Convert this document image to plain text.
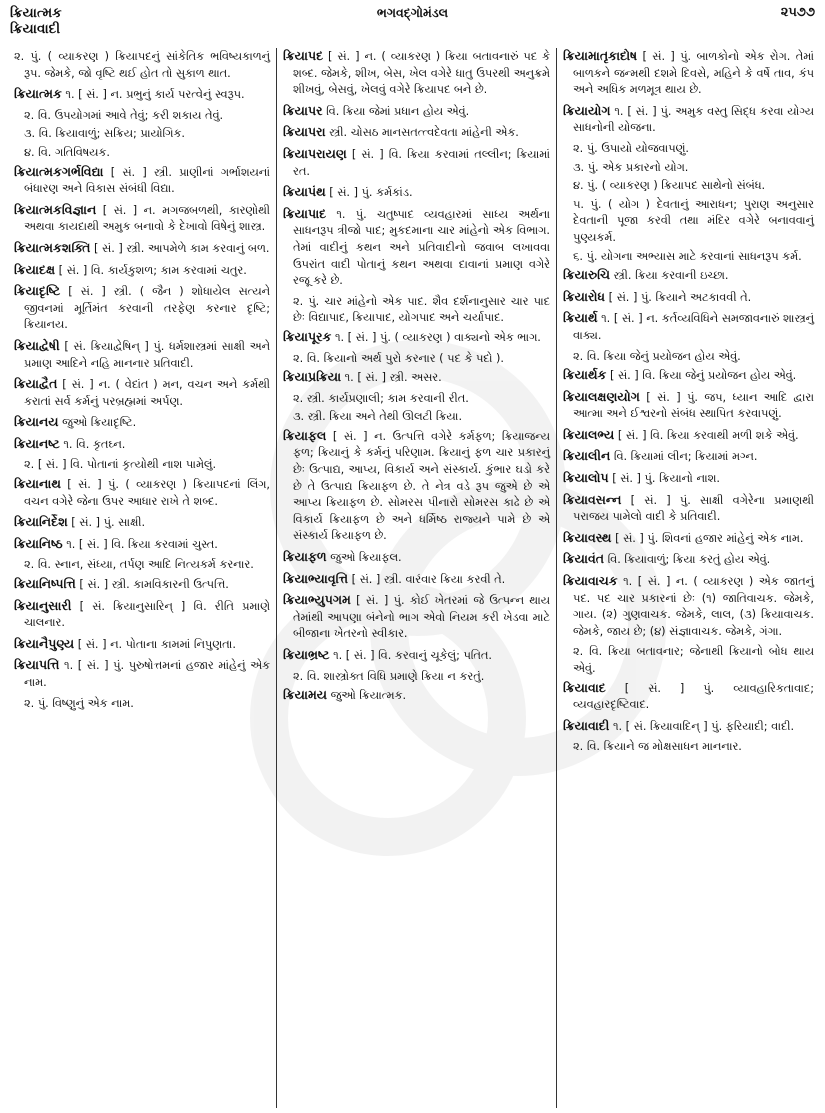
ક્રિયાત્મક
ક્રિયાવાદી
ભગવદ્ગોમંડલ	૨૫૭૭

૨. પું. ( વ્યાકરણ ) ક્રિયાપદનું સાંકેતિક ભવિષ્યકાળનું રૂપ. જેમકે, જો વૃષ્ટિ થઈ હોત તો સુકાળ થાત.

ક્રિયાત્મક ૧. [ સં. ] ન. પ્રભુનું કાર્ય પરત્વેનું સ્વરૂપ.

૨. વિ. ઉપયોગમાં આવે તેવું; કરી શકાય તેવું.

૩. વિ. ક્રિયાવાળું; સક્રિય; પ્રાયોગિક.

૪. વિ. ગતિવિષયક.

ક્રિયાત્મકગર્ભવિદ્યા [ સં. ] સ્ત્રી. પ્રાણીનાં ગર્ભાશયનાં બંધારણ અને વિકાસ સંબંધી વિદ્યા.

ક્રિયાત્મકવિજ્ઞાન [ સં. ] ન. મગજબળથી, કારણોથી અથવા કાયદાથી અમુક બનાવો કે દેખાવો વિષેનું શાસ્ત્ર.

ક્રિયાત્મકશક્તિ [ સં. ] સ્ત્રી. આપમેળે કામ કરવાનું બળ.

ક્રિયાદક્ષ [ સં. ] વિ. કાર્યકુશળ; કામ કરવામાં ચતુર.

ક્રિયાદૃષ્ટિ [ સં. ] સ્ત્રી. ( જૈન ) શોધાયેલ સત્યને જીવનમાં મૂર્તિમંત કરવાની તરફેણ કરનાર દૃષ્ટિ; ક્રિયાનય.

ક્રિયાદ્વેષી [ સં. ક્રિયાદ્વેષિન્ ] પું. ધર્મશાસ્ત્રમાં સાક્ષી અને પ્રમાણ આદિને નહિ માનનાર પ્રતિવાદી.

ક્રિયાદ્વૈત [ સં. ] ન. ( વેદાંત ) મન, વચન અને કર્મથી કરાતાં સર્વ કર્મનું પરબ્રહ્મમાં અર્પણ.

ક્રિયાનય જુઓ ક્રિયાદૃષ્ટિ.

ક્રિયાનષ્ટ ૧. વિ. કૃતઘ્ન.

૨. [ સં. ] વિ. પોતાનાં કૃત્યોથી નાશ પામેલું.

ક્રિયાનાથ [ સં. ] પું. ( વ્યાકરણ ) ક્રિયાપદનાં લિંગ, વચન વગેરે જેના ઉપર આધાર રાખે તે શબ્દ.

ક્રિયાનિર્દેશ [ સં. ] પું. સાક્ષી.

ક્રિયાનિષ્ઠ ૧. [ સં. ] વિ. ક્રિયા કરવામાં ચુસ્ત.

૨. વિ. સ્નાન, સંધ્યા, તર્પણ આદિ નિત્યકર્મ કરનાર.

ક્રિયાનિષ્પત્તિ [ સં. ] સ્ત્રી. કામવિકારની ઉત્પત્તિ.

ક્રિયાનુસારી [ સં. ક્રિયાનુસારિન્ ] વિ. રીતિ પ્રમાણે ચાલનાર.

ક્રિયાનૈપુણ્ય [ સં. ] ન. પોતાના કામમાં નિપુણતા.

ક્રિયાપત્તિ ૧. [ સં. ] પું. પુરુષોત્તમનાં હજાર માંહેનું એક નામ.

૨. પું. વિષ્ણુનું એક નામ.

ક્રિયાપદ [ સં. ] ન. ( વ્યાકરણ ) ક્રિયા બતાવનારું પદ કે શબ્દ. જેમકે, શીખ, બેસ, ખેલ વગેરે ધાતુ ઉપરથી અનુક્રમે શીખવું, બેસવું, ખેલવું વગેરે ક્રિયાપદ બને છે.

ક્રિયાપર વિ. ક્રિયા જેમાં પ્રધાન હોય એવું.

ક્રિયાપરા સ્ત્રી. ચોસઠ માનસતત્ત્વદેવતા માંહેની એક.

ક્રિયાપરાયણ [ સં. ] વિ. ક્રિયા કરવામાં તલ્લીન; ક્રિયામાં રત.

ક્રિયાપંથ [ સં. ] પું. કર્મકાંડ.

ક્રિયાપાદ ૧. પું. ચતુષ્પાદ વ્યવહારમાં સાધ્ય અર્થના સાધનરૂપ ત્રીજો પાદ; મુકદમાના ચાર માંહેનો એક વિભાગ. તેમાં વાદીનું કથન અને પ્રતિવાદીનો જવાબ લખાવવા ઉપરાંત વાદી પોતાનું કથન અથવા દાવાનાં પ્રમાણ વગેરે રજૂ કરે છે.

૨. પું. ચાર માંહેનો એક પાદ. શૈવ દર્શનાનુસાર ચાર પાદ છેઃ વિદ્યાપાદ, ક્રિયાપાદ, યોગપાદ અને ચર્યાપાદ.

ક્રિયાપૂરક ૧. [ સં. ] પું. ( વ્યાકરણ ) વાક્યનો એક ભાગ.

૨. વિ. ક્રિયાનો અર્થ પુરો કરનાર ( પદ કે પદો ).

ક્રિયાપ્રક્રિયા ૧. [ સં. ] સ્ત્રી. અસર.

૨. સ્ત્રી. કાર્યપ્રણાલી; કામ કરવાની રીત.

૩. સ્ત્રી. ક્રિયા અને તેથી ઊલટી ક્રિયા.

ક્રિયાફલ [ સં. ] ન. ઉત્પત્તિ વગેરે કર્મફળ; ક્રિયાજન્ય ફળ; ક્રિયાનું કે કર્મનું પરિણામ. ક્રિયાનું ફળ ચાર પ્રકારનું છેઃ ઉત્પાદ્ય, આપ્ય, વિકાર્ય અને સંસ્કાર્ય. કુંભાર ઘડો કરે છે તે ઉત્પાદ્ય ક્રિયાફળ છે. તે નેત્ર વડે રૂપ જુએ છે એ આપ્ય ક્રિયાફળ છે. સોમરસ પીનારો સોમરસ કાઢે છે એ વિકાર્ય ક્રિયાફળ છે અને ધર્મિષ્ઠ રાજ્યને પામે છે એ સંસ્કાર્ય ક્રિયાફળ છે.

ક્રિયાફળ જુઓ ક્રિયાફલ.

ક્રિયાભ્યાવૃત્તિ [ સં. ] સ્ત્રી. વારંવાર ક્રિયા કરવી તે.

ક્રિયાભ્યુપગમ [ સં. ] પું. કોઈ ખેતરમાં જે ઉત્પન્ન થાય તેમાંથી આપણા બંનેનો ભાગ એવો નિયમ કરી ખેડવા માટે બીજાના ખેતરનો સ્વીકાર.

ક્રિયાભ્રષ્ટ ૧. [ સં. ] વિ. કરવાનું ચૂકેલું; પતિત.

૨. વિ. શાસ્ત્રોક્ત વિધિ પ્રમાણે ક્રિયા ન કરતું.

ક્રિયામય જુઓ ક્રિયાત્મક.

ક્રિયામાતૃકાદોષ [ સં. ] પું. બાળકોનો એક રોગ. તેમાં બાળકને જન્મથી દશમે દિવસે, મહિને કે વર્ષે તાવ, કંપ અને અધિક મળમૂત્ર થાય છે.

ક્રિયાયોગ ૧. [ સં. ] પું. અમુક વસ્તુ સિદ્ધ કરવા યોગ્ય સાધનોની યોજના.

૨. પું. ઉપાયો યોજવાપણું.

૩. પું. એક પ્રકારનો યોગ.

૪. પું. ( વ્યાકરણ ) ક્રિયાપદ સાથેનો સંબંધ.

૫. પું. ( યોગ ) દેવતાનું આરાધન; પુરાણ અનુસાર દેવતાની પૂજા કરવી તથા મંદિર વગેરે બનાવવાનું પુણ્યકર્મ.

૬. પું. યોગના અભ્યાસ માટે કરવાનાં સાધનરૂપ કર્મ.

ક્રિયારુચિ સ્ત્રી. ક્રિયા કરવાની ઇચ્છા.

ક્રિયારોધ [ સં. ] પું. ક્રિયાને અટકાવવી તે.

ક્રિયાર્થ ૧. [ સં. ] ન. કર્તવ્યવિધિને સમજાવનારું શાસ્ત્રનું વાક્ય.

૨. વિ. ક્રિયા જેનું પ્રયોજન હોય એવું.

ક્રિયાર્થક [ સં. ] વિ. ક્રિયા જેનું પ્રયોજન હોય એવું.

ક્રિયાલક્ષણયોગ [ સં. ] પું. જપ, ધ્યાન આદિ દ્વારા આત્મા અને ઈશ્વરનો સંબંધ સ્થાપિત કરવાપણું.

ક્રિયાલભ્ય [ સં. ] વિ. ક્રિયા કરવાથી મળી શકે એવું.

ક્રિયાલીન વિ. ક્રિયામાં લીન; ક્રિયામાં મગ્ન.

ક્રિયાલોપ [ સં. ] પું. ક્રિયાનો નાશ.

ક્રિયાવસન્ન [ સં. ] પું. સાક્ષી વગેરેના પ્રમાણથી પરાજય પામેલો વાદી કે પ્રતિવાદી.

ક્રિયાવસ્થ [ સં. ] પું. શિવનાં હજાર માંહેનું એક નામ.

ક્રિયાવંત વિ. ક્રિયાવાળું; ક્રિયા કરતું હોય એવું.

ક્રિયાવાચક ૧. [ સં. ] ન. ( વ્યાકરણ ) એક જાતનું પદ. પદ ચાર પ્રકારનાં છેઃ (૧) જાતિવાચક. જેમકે, ગાય. (૨) ગુણવાચક. જેમકે, લાલ, (૩) ક્રિયાવાચક. જેમકે, જાય છે; (૪) સંજ્ઞાવાચક. જેમકે, ગંગા.

૨. વિ. ક્રિયા બતાવનાર; જેનાથી ક્રિયાનો બોધ થાય એવું.

ક્રિયાવાદ [ સં. ] પું. વ્યાવહારિકતાવાદ; વ્યવહારદૃષ્ટિવાદ.

ક્રિયાવાદી ૧. [ સં. ક્રિયાવાદિન્ ] પું. ફરિયાદી; વાદી.

૨. વિ. ક્રિયાને જ મોક્ષસાધન માનનાર.
